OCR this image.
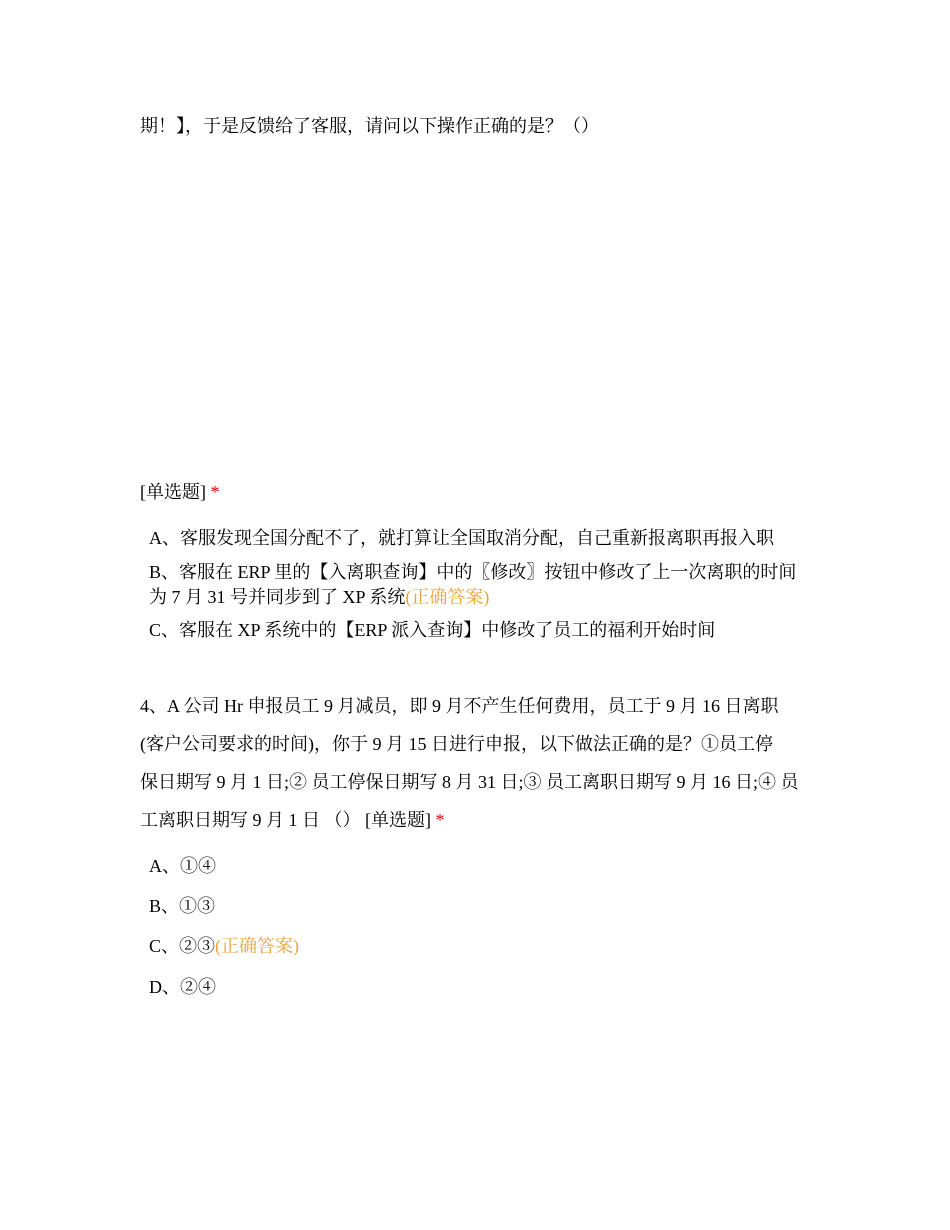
期！】，于是反馈给了客服，请问以下操作正确的是？（）
[单选题] *
A、客服发现全国分配不了，就打算让全国取消分配，自己重新报离职再报入职
B、客服在 ERP 里的【入离职查询】中的〖修改〗按钮中修改了上一次离职的时间
为 7 月 31 号并同步到了 XP 系统(正确答案)
C、客服在 XP 系统中的【ERP 派入查询】中修改了员工的福利开始时间
4、A 公司 Hr 申报员工 9 月减员，即 9 月不产生任何费用，员工于 9 月 16 日离职
(客户公司要求的时间)，你于 9 月 15 日进行申报，以下做法正确的是？①员工停
保日期写 9 月 1 日;② 员工停保日期写 8 月 31 日;③ 员工离职日期写 9 月 16 日;④ 员
工离职日期写 9 月 1 日 （） [单选题] *
A、①④
B、①③
C、②③(正确答案)
D、②④
